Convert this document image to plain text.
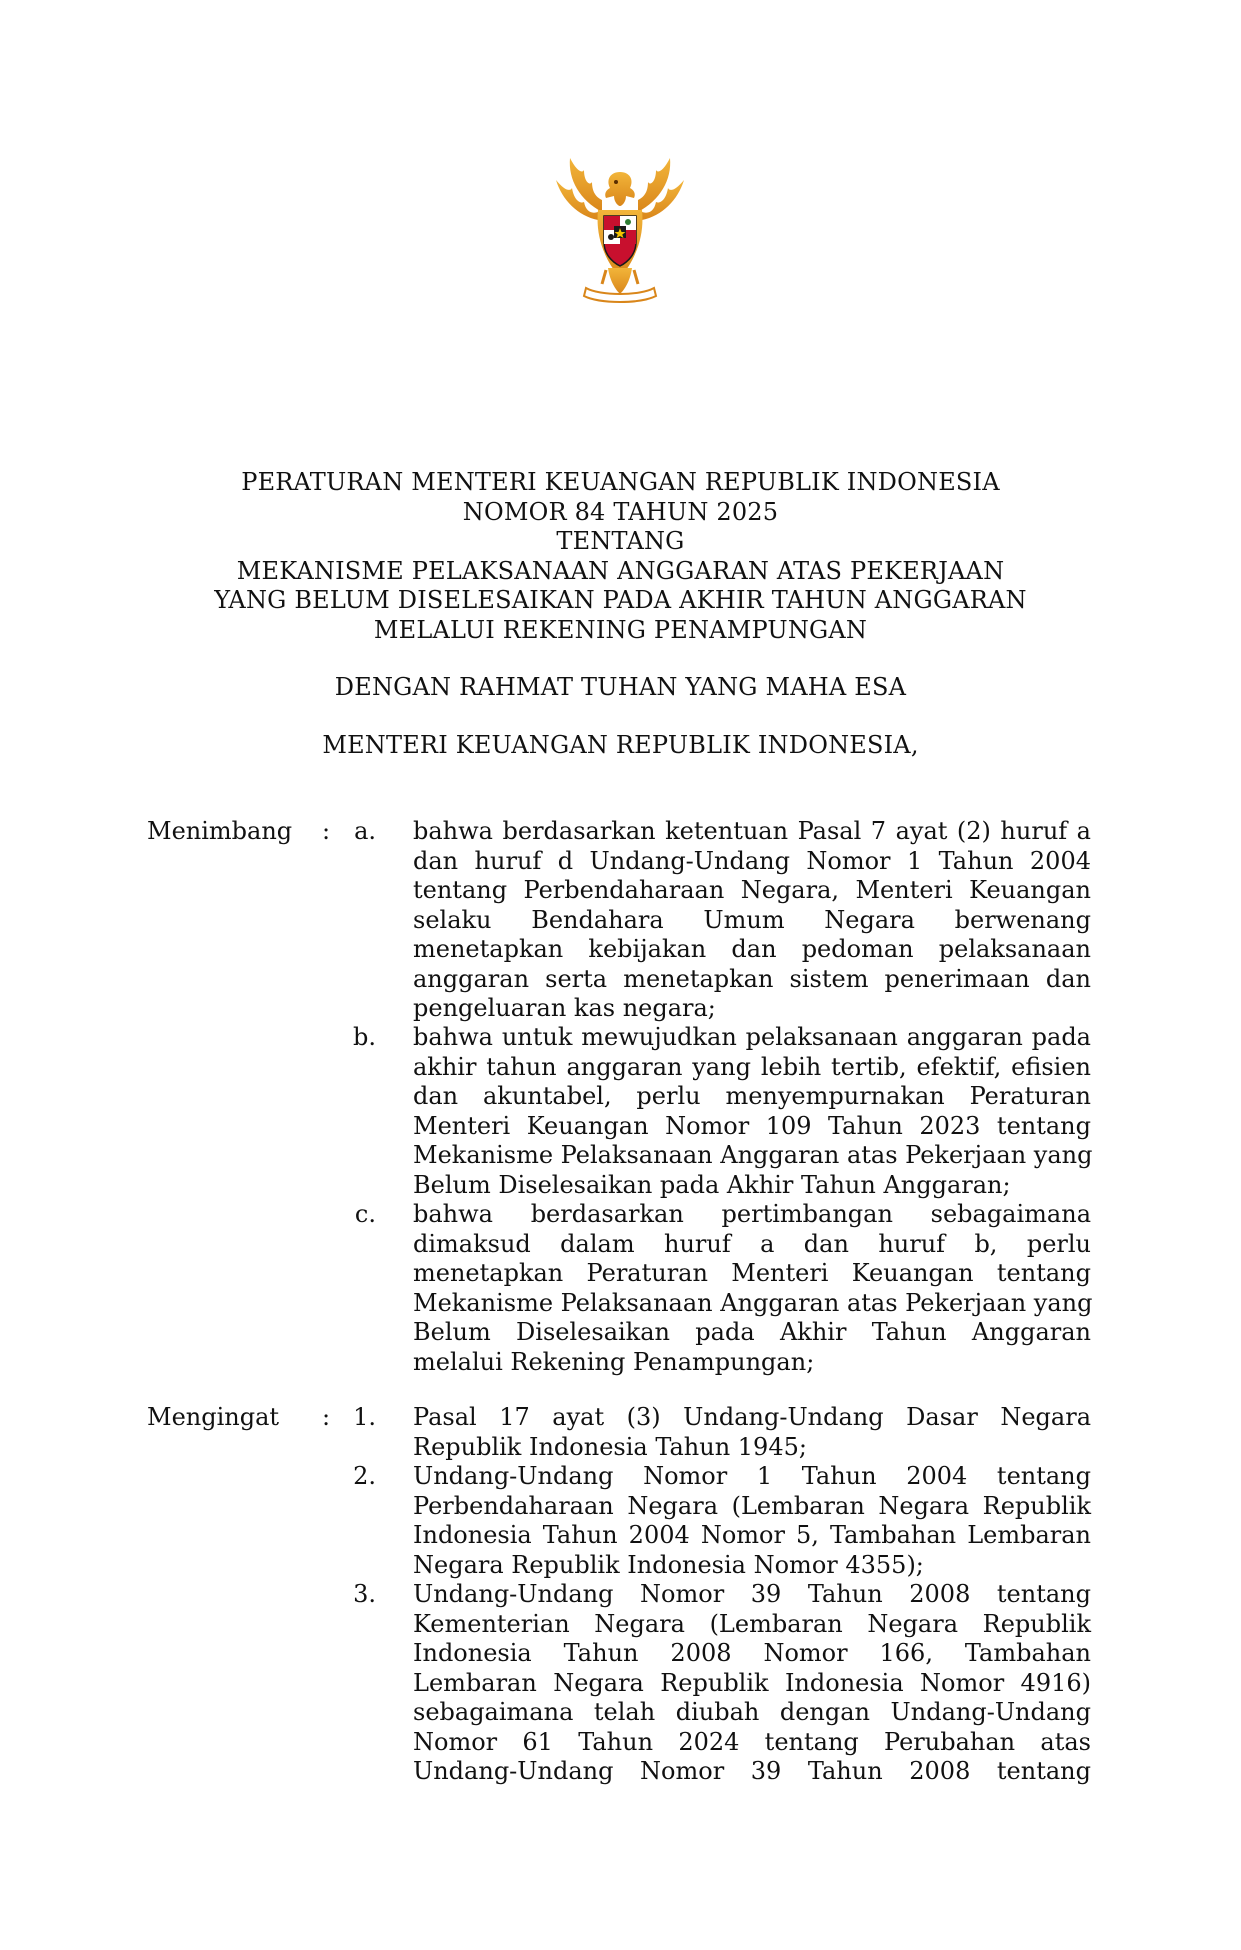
PERATURAN MENTERI KEUANGAN REPUBLIK INDONESIA
NOMOR 84 TAHUN 2025
TENTANG
MEKANISME PELAKSANAAN ANGGARAN ATAS PEKERJAAN
YANG BELUM DISELESAIKAN PADA AKHIR TAHUN ANGGARAN
MELALUI REKENING PENAMPUNGAN
DENGAN RAHMAT TUHAN YANG MAHA ESA
MENTERI KEUANGAN REPUBLIK INDONESIA,
Menimbang : a. bahwa berdasarkan ketentuan Pasal 7 ayat (2) huruf a
dan huruf d Undang-Undang Nomor 1 Tahun 2004
tentang Perbendaharaan Negara, Menteri Keuangan
selaku Bendahara Umum Negara berwenang
menetapkan kebijakan dan pedoman pelaksanaan
anggaran serta menetapkan sistem penerimaan dan
pengeluaran kas negara;
b. bahwa untuk mewujudkan pelaksanaan anggaran pada
akhir tahun anggaran yang lebih tertib, efektif, efisien
dan akuntabel, perlu menyempurnakan Peraturan
Menteri Keuangan Nomor 109 Tahun 2023 tentang
Mekanisme Pelaksanaan Anggaran atas Pekerjaan yang
Belum Diselesaikan pada Akhir Tahun Anggaran;
c. bahwa berdasarkan pertimbangan sebagaimana
dimaksud dalam huruf a dan huruf b, perlu
menetapkan Peraturan Menteri Keuangan tentang
Mekanisme Pelaksanaan Anggaran atas Pekerjaan yang
Belum Diselesaikan pada Akhir Tahun Anggaran
melalui Rekening Penampungan;
Mengingat : 1. Pasal 17 ayat (3) Undang-Undang Dasar Negara
Republik Indonesia Tahun 1945;
2. Undang-Undang Nomor 1 Tahun 2004 tentang
Perbendaharaan Negara (Lembaran Negara Republik
Indonesia Tahun 2004 Nomor 5, Tambahan Lembaran
Negara Republik Indonesia Nomor 4355);
3. Undang-Undang Nomor 39 Tahun 2008 tentang
Kementerian Negara (Lembaran Negara Republik
Indonesia Tahun 2008 Nomor 166, Tambahan
Lembaran Negara Republik Indonesia Nomor 4916)
sebagaimana telah diubah dengan Undang-Undang
Nomor 61 Tahun 2024 tentang Perubahan atas
Undang-Undang Nomor 39 Tahun 2008 tentang
